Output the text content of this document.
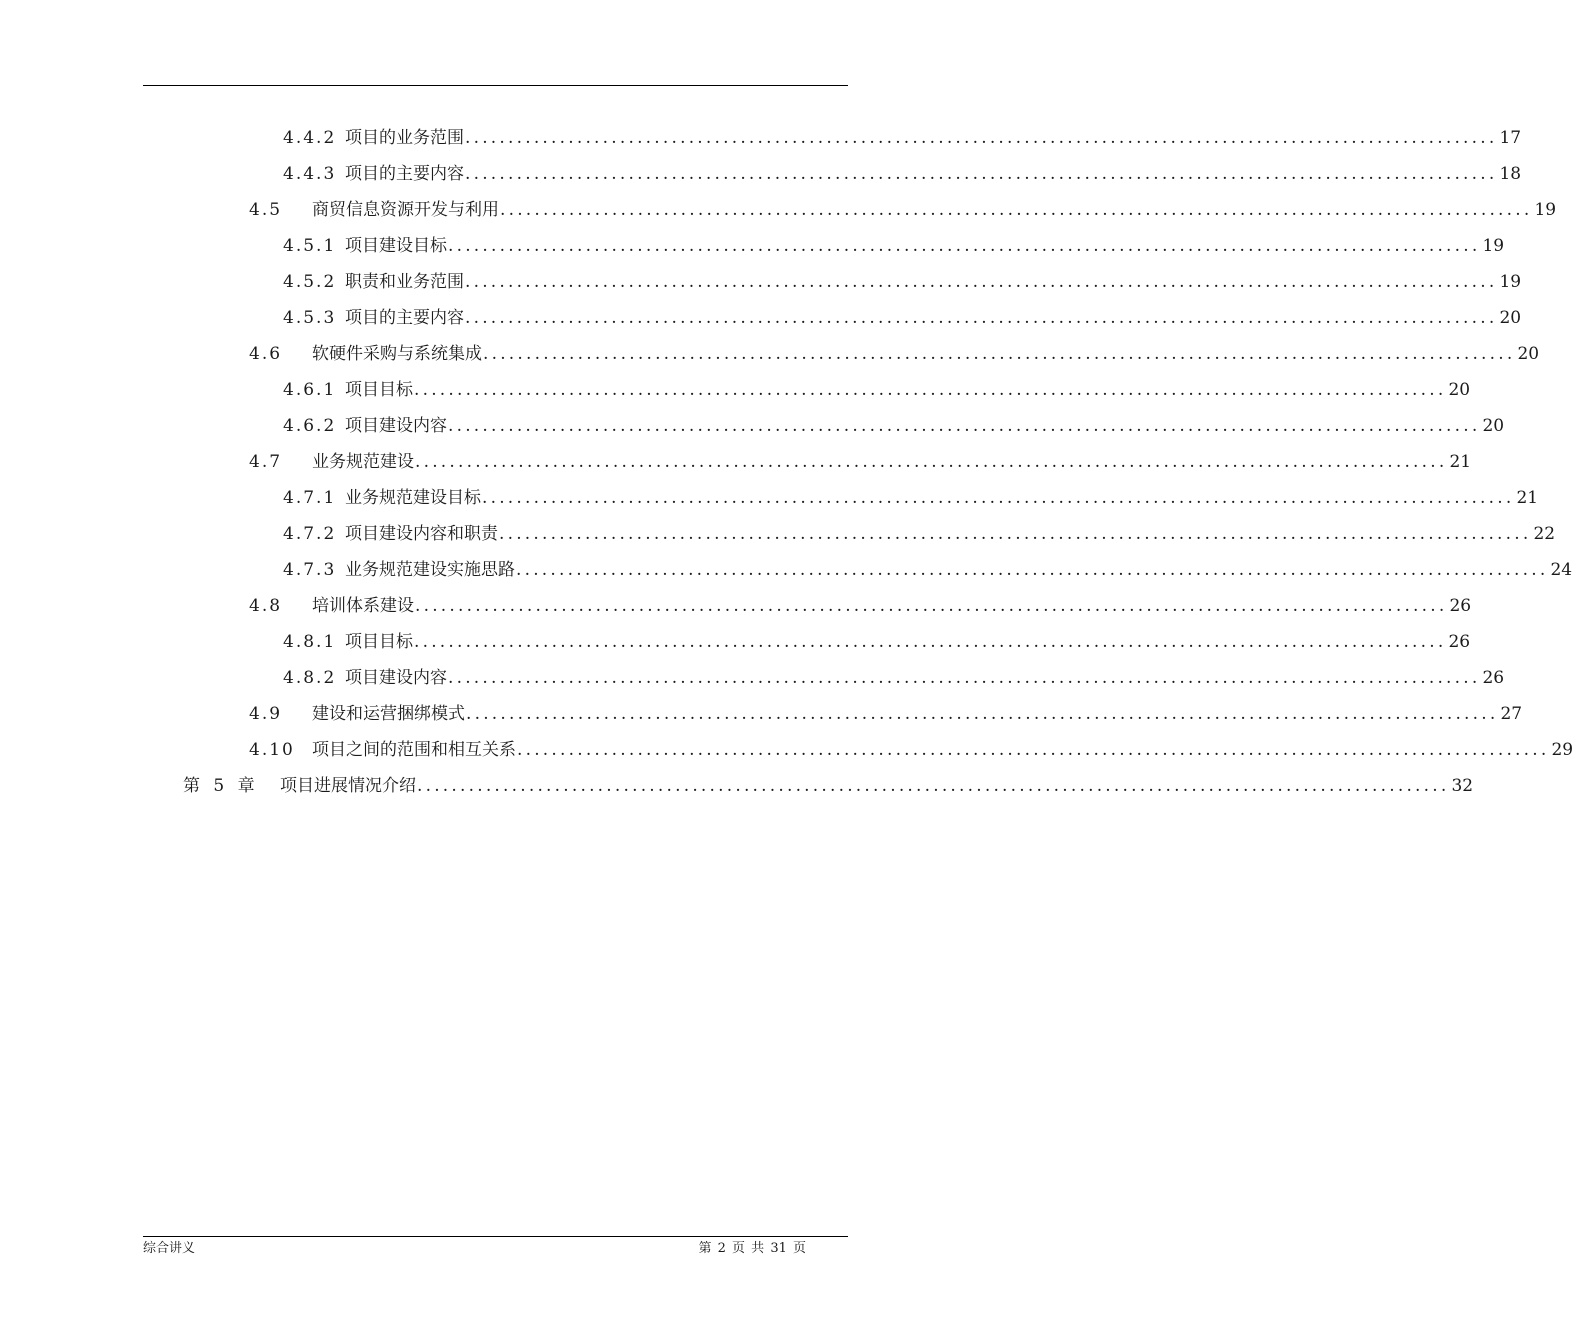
4.4.2 项目的业务范围 ........................................................................................................................ 17
4.4.3 项目的主要内容 ........................................................................................................................ 18
4.5	商贸信息资源开发与利用 ........................................................................................................................ 19
4.5.1 项目建设目标 ........................................................................................................................ 19
4.5.2 职责和业务范围 ........................................................................................................................ 19
4.5.3 项目的主要内容 ........................................................................................................................ 20
4.6	软硬件采购与系统集成 ........................................................................................................................ 20
4.6.1 项目目标 ........................................................................................................................ 20
4.6.2 项目建设内容 ........................................................................................................................ 20
4.7	业务规范建设 ........................................................................................................................ 21
4.7.1 业务规范建设目标 ........................................................................................................................ 21
4.7.2 项目建设内容和职责 ........................................................................................................................ 22
4.7.3 业务规范建设实施思路 ........................................................................................................................ 24
4.8	培训体系建设 ........................................................................................................................ 26
4.8.1 项目目标 ........................................................................................................................ 26
4.8.2 项目建设内容 ........................................................................................................................ 26
4.9	建设和运营捆绑模式 ........................................................................................................................ 27
4.10	项目之间的范围和相互关系 ........................................................................................................................ 29
第 5 章	项目进展情况介绍 ........................................................................................................................ 32
综合讲义	第 2 页 共 31 页
